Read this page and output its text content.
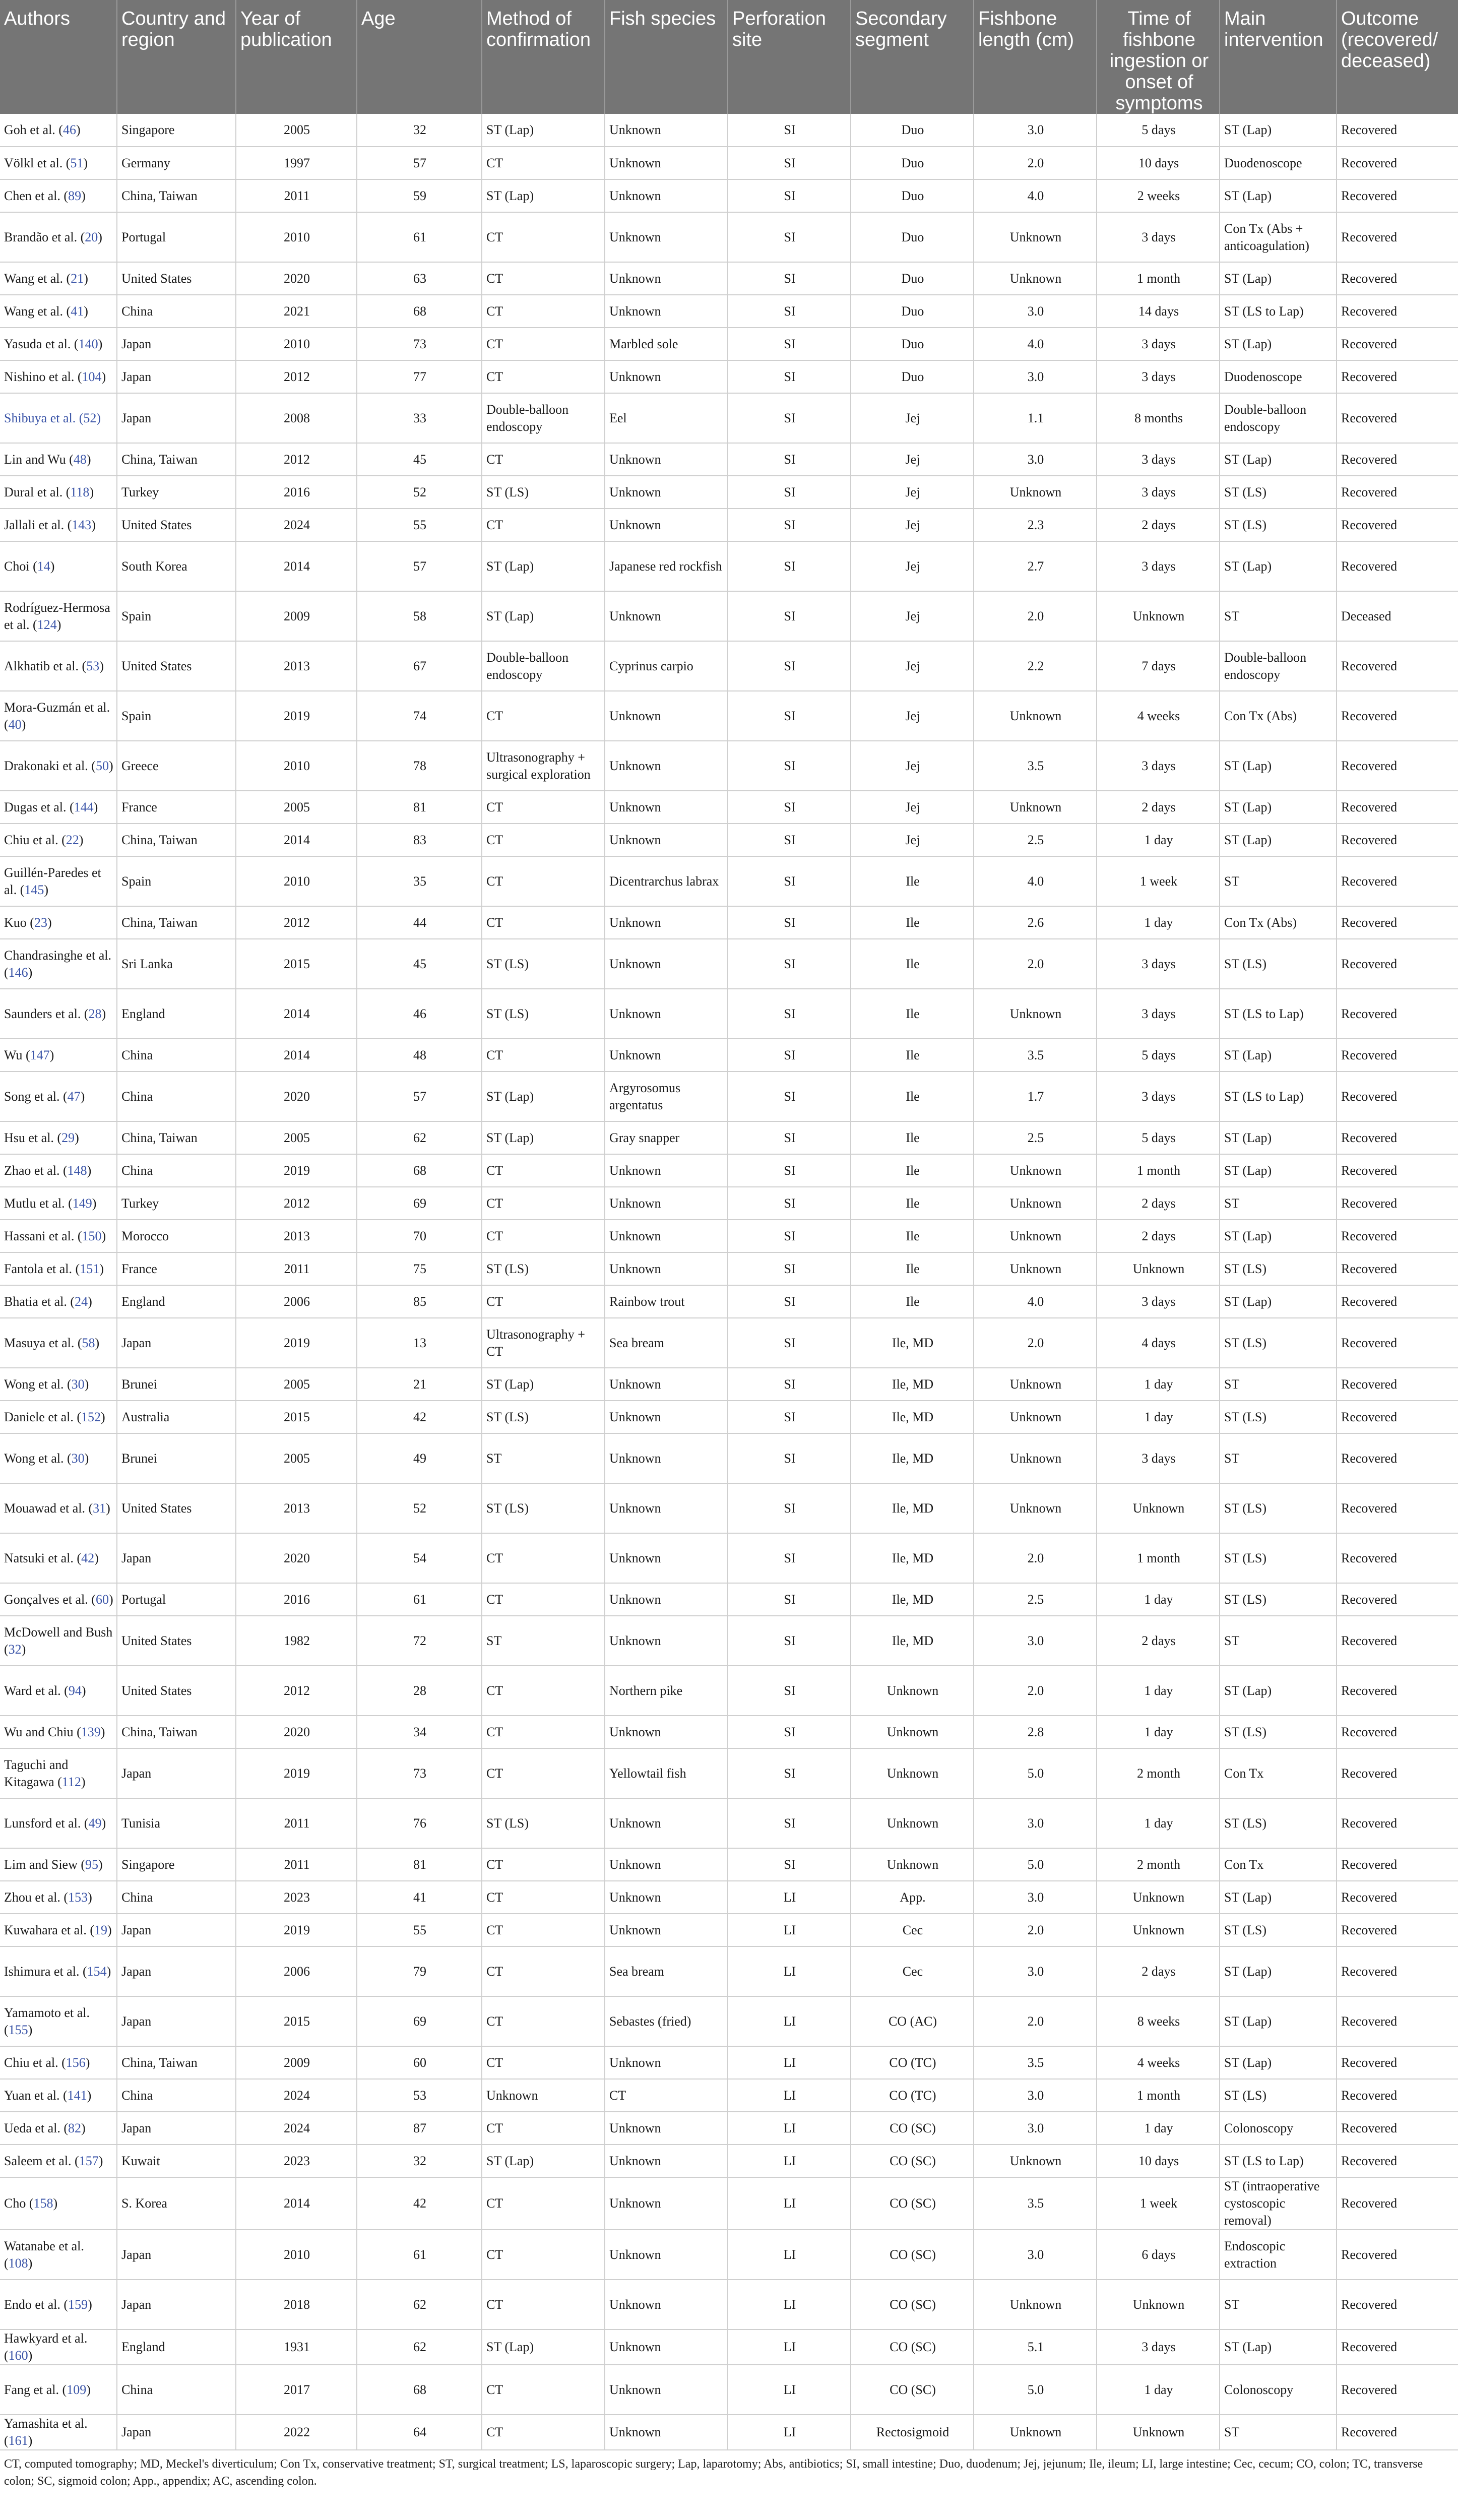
Authors	Country and region	Year of publication	Age	Method of confirmation	Fish species	Perforation site	Secondary segment	Fishbone length (cm)	Time of fishbone ingestion or onset of symptoms	Main intervention	Outcome (recovered/ deceased)
Goh et al. (46)	Singapore	2005	32	ST (Lap)	Unknown	SI	Duo	3.0	5 days	ST (Lap)	Recovered
Völkl et al. (51)	Germany	1997	57	CT	Unknown	SI	Duo	2.0	10 days	Duodenoscope	Recovered
Chen et al. (89)	China, Taiwan	2011	59	ST (Lap)	Unknown	SI	Duo	4.0	2 weeks	ST (Lap)	Recovered
Brandão et al. (20)	Portugal	2010	61	CT	Unknown	SI	Duo	Unknown	3 days	Con Tx (Abs + anticoagulation)	Recovered
Wang et al. (21)	United States	2020	63	CT	Unknown	SI	Duo	Unknown	1 month	ST (Lap)	Recovered
Wang et al. (41)	China	2021	68	CT	Unknown	SI	Duo	3.0	14 days	ST (LS to Lap)	Recovered
Yasuda et al. (140)	Japan	2010	73	CT	Marbled sole	SI	Duo	4.0	3 days	ST (Lap)	Recovered
Nishino et al. (104)	Japan	2012	77	CT	Unknown	SI	Duo	3.0	3 days	Duodenoscope	Recovered
Shibuya et al. (52)	Japan	2008	33	Double-balloon endoscopy	Eel	SI	Jej	1.1	8 months	Double-balloon endoscopy	Recovered
Lin and Wu (48)	China, Taiwan	2012	45	CT	Unknown	SI	Jej	3.0	3 days	ST (Lap)	Recovered
Dural et al. (118)	Turkey	2016	52	ST (LS)	Unknown	SI	Jej	Unknown	3 days	ST (LS)	Recovered
Jallali et al. (143)	United States	2024	55	CT	Unknown	SI	Jej	2.3	2 days	ST (LS)	Recovered
Choi (14)	South Korea	2014	57	ST (Lap)	Japanese red rockfish	SI	Jej	2.7	3 days	ST (Lap)	Recovered
Rodríguez-Hermosa et al. (124)	Spain	2009	58	ST (Lap)	Unknown	SI	Jej	2.0	Unknown	ST	Deceased
Alkhatib et al. (53)	United States	2013	67	Double-balloon endoscopy	Cyprinus carpio	SI	Jej	2.2	7 days	Double-balloon endoscopy	Recovered
Mora-Guzmán et al. (40)	Spain	2019	74	CT	Unknown	SI	Jej	Unknown	4 weeks	Con Tx (Abs)	Recovered
Drakonaki et al. (50)	Greece	2010	78	Ultrasonography + surgical exploration	Unknown	SI	Jej	3.5	3 days	ST (Lap)	Recovered
Dugas et al. (144)	France	2005	81	CT	Unknown	SI	Jej	Unknown	2 days	ST (Lap)	Recovered
Chiu et al. (22)	China, Taiwan	2014	83	CT	Unknown	SI	Jej	2.5	1 day	ST (Lap)	Recovered
Guillén-Paredes et al. (145)	Spain	2010	35	CT	Dicentrarchus labrax	SI	Ile	4.0	1 week	ST	Recovered
Kuo (23)	China, Taiwan	2012	44	CT	Unknown	SI	Ile	2.6	1 day	Con Tx (Abs)	Recovered
Chandrasinghe et al. (146)	Sri Lanka	2015	45	ST (LS)	Unknown	SI	Ile	2.0	3 days	ST (LS)	Recovered
Saunders et al. (28)	England	2014	46	ST (LS)	Unknown	SI	Ile	Unknown	3 days	ST (LS to Lap)	Recovered
Wu (147)	China	2014	48	CT	Unknown	SI	Ile	3.5	5 days	ST (Lap)	Recovered
Song et al. (47)	China	2020	57	ST (Lap)	Argyrosomus argentatus	SI	Ile	1.7	3 days	ST (LS to Lap)	Recovered
Hsu et al. (29)	China, Taiwan	2005	62	ST (Lap)	Gray snapper	SI	Ile	2.5	5 days	ST (Lap)	Recovered
Zhao et al. (148)	China	2019	68	CT	Unknown	SI	Ile	Unknown	1 month	ST (Lap)	Recovered
Mutlu et al. (149)	Turkey	2012	69	CT	Unknown	SI	Ile	Unknown	2 days	ST	Recovered
Hassani et al. (150)	Morocco	2013	70	CT	Unknown	SI	Ile	Unknown	2 days	ST (Lap)	Recovered
Fantola et al. (151)	France	2011	75	ST (LS)	Unknown	SI	Ile	Unknown	Unknown	ST (LS)	Recovered
Bhatia et al. (24)	England	2006	85	CT	Rainbow trout	SI	Ile	4.0	3 days	ST (Lap)	Recovered
Masuya et al. (58)	Japan	2019	13	Ultrasonography + CT	Sea bream	SI	Ile, MD	2.0	4 days	ST (LS)	Recovered
Wong et al. (30)	Brunei	2005	21	ST (Lap)	Unknown	SI	Ile, MD	Unknown	1 day	ST	Recovered
Daniele et al. (152)	Australia	2015	42	ST (LS)	Unknown	SI	Ile, MD	Unknown	1 day	ST (LS)	Recovered
Wong et al. (30)	Brunei	2005	49	ST	Unknown	SI	Ile, MD	Unknown	3 days	ST	Recovered
Mouawad et al. (31)	United States	2013	52	ST (LS)	Unknown	SI	Ile, MD	Unknown	Unknown	ST (LS)	Recovered
Natsuki et al. (42)	Japan	2020	54	CT	Unknown	SI	Ile, MD	2.0	1 month	ST (LS)	Recovered
Gonçalves et al. (60)	Portugal	2016	61	CT	Unknown	SI	Ile, MD	2.5	1 day	ST (LS)	Recovered
McDowell and Bush (32)	United States	1982	72	ST	Unknown	SI	Ile, MD	3.0	2 days	ST	Recovered
Ward et al. (94)	United States	2012	28	CT	Northern pike	SI	Unknown	2.0	1 day	ST (Lap)	Recovered
Wu and Chiu (139)	China, Taiwan	2020	34	CT	Unknown	SI	Unknown	2.8	1 day	ST (LS)	Recovered
Taguchi and Kitagawa (112)	Japan	2019	73	CT	Yellowtail fish	SI	Unknown	5.0	2 month	Con Tx	Recovered
Lunsford et al. (49)	Tunisia	2011	76	ST (LS)	Unknown	SI	Unknown	3.0	1 day	ST (LS)	Recovered
Lim and Siew (95)	Singapore	2011	81	CT	Unknown	SI	Unknown	5.0	2 month	Con Tx	Recovered
Zhou et al. (153)	China	2023	41	CT	Unknown	LI	App.	3.0	Unknown	ST (Lap)	Recovered
Kuwahara et al. (19)	Japan	2019	55	CT	Unknown	LI	Cec	2.0	Unknown	ST (LS)	Recovered
Ishimura et al. (154)	Japan	2006	79	CT	Sea bream	LI	Cec	3.0	2 days	ST (Lap)	Recovered
Yamamoto et al. (155)	Japan	2015	69	CT	Sebastes (fried)	LI	CO (AC)	2.0	8 weeks	ST (Lap)	Recovered
Chiu et al. (156)	China, Taiwan	2009	60	CT	Unknown	LI	CO (TC)	3.5	4 weeks	ST (Lap)	Recovered
Yuan et al. (141)	China	2024	53	Unknown	CT	LI	CO (TC)	3.0	1 month	ST (LS)	Recovered
Ueda et al. (82)	Japan	2024	87	CT	Unknown	LI	CO (SC)	3.0	1 day	Colonoscopy	Recovered
Saleem et al. (157)	Kuwait	2023	32	ST (Lap)	Unknown	LI	CO (SC)	Unknown	10 days	ST (LS to Lap)	Recovered
Cho (158)	S. Korea	2014	42	CT	Unknown	LI	CO (SC)	3.5	1 week	ST (intraoperative cystoscopic removal)	Recovered
Watanabe et al. (108)	Japan	2010	61	CT	Unknown	LI	CO (SC)	3.0	6 days	Endoscopic extraction	Recovered
Endo et al. (159)	Japan	2018	62	CT	Unknown	LI	CO (SC)	Unknown	Unknown	ST	Recovered
Hawkyard et al. (160)	England	1931	62	ST (Lap)	Unknown	LI	CO (SC)	5.1	3 days	ST (Lap)	Recovered
Fang et al. (109)	China	2017	68	CT	Unknown	LI	CO (SC)	5.0	1 day	Colonoscopy	Recovered
Yamashita et al. (161)	Japan	2022	64	CT	Unknown	LI	Rectosigmoid	Unknown	Unknown	ST	Recovered
CT, computed tomography; MD, Meckel's diverticulum; Con Tx, conservative treatment; ST, surgical treatment; LS, laparoscopic surgery; Lap, laparotomy; Abs, antibiotics; SI, small intestine; Duo, duodenum; Jej, jejunum; Ile, ileum; LI, large intestine; Cec, cecum; CO, colon; TC, transverse colon; SC, sigmoid colon; App., appendix; AC, ascending colon.
